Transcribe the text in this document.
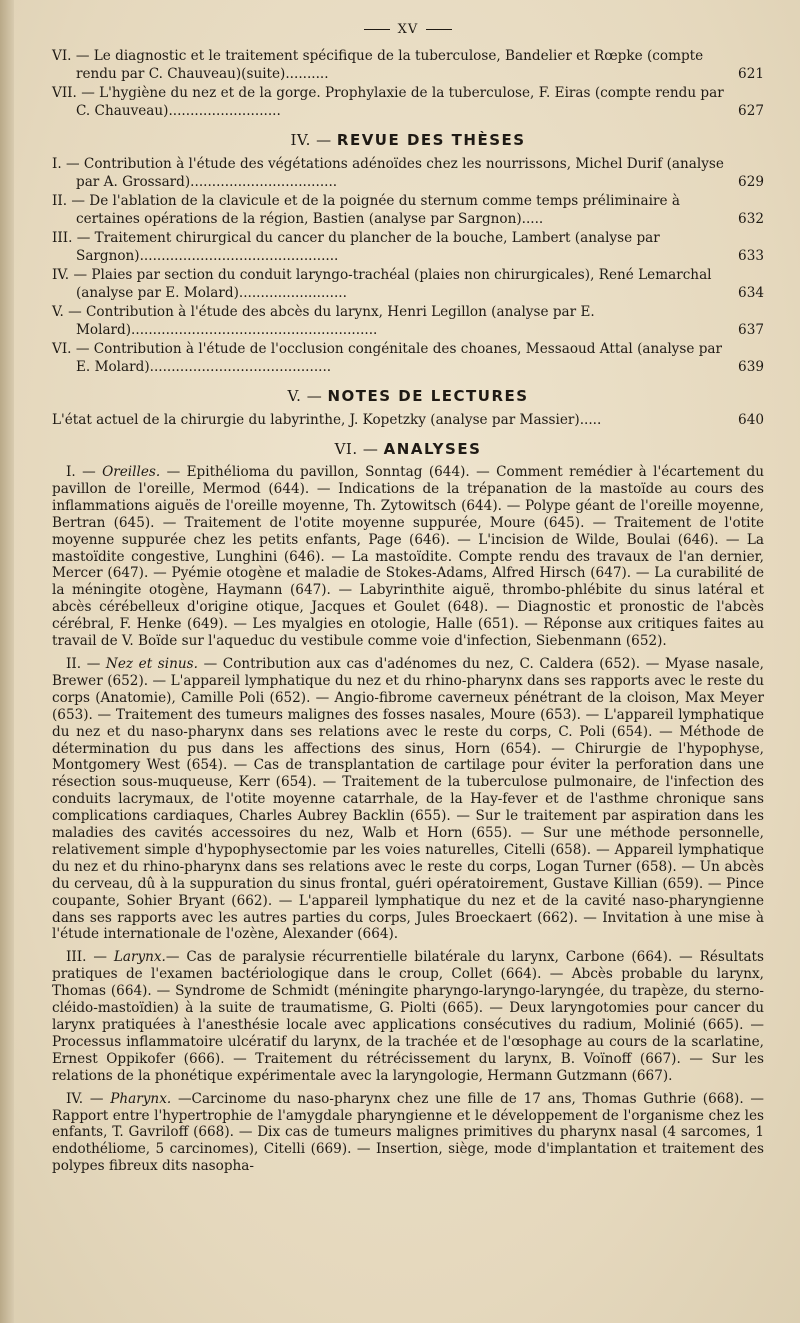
XV
VI. — Le diagnostic et le traitement spécifique de la tuberculose, Bandelier et Rœpke (compte rendu par C. Chauveau)(suite)..........	621
VII. — L'hygiène du nez et de la gorge. Prophylaxie de la tuberculose, F. Eiras (compte rendu par C. Chauveau)..........................	627
IV. — REVUE DES THÈSES
I. — Contribution à l'étude des végétations adénoïdes chez les nourrissons, Michel Durif (analyse par A. Grossard)..................................	629
II. — De l'ablation de la clavicule et de la poignée du sternum comme temps préliminaire à certaines opérations de la région, Bastien (analyse par Sargnon).....	632
III. — Traitement chirurgical du cancer du plancher de la bouche, Lambert (analyse par Sargnon)..............................................	633
IV. — Plaies par section du conduit laryngo-trachéal (plaies non chirurgicales), René Lemarchal (analyse par E. Molard).........................	634
V. — Contribution à l'étude des abcès du larynx, Henri Legillon (analyse par E. Molard).........................................................	637
VI. — Contribution à l'étude de l'occlusion congénitale des choanes, Messaoud Attal (analyse par E. Molard)..........................................	639
V. — NOTES DE LECTURES
L'état actuel de la chirurgie du labyrinthe, J. Kopetzky (analyse par Massier).....	640
VI. — ANALYSES

I. — Oreilles. — Epithélioma du pavillon, Sonntag (644). — Comment remédier à l'écartement du pavillon de l'oreille, Mermod (644). — Indications de la trépanation de la mastoïde au cours des inflammations aiguës de l'oreille moyenne, Th. Zytowitsch (644). — Polype géant de l'oreille moyenne, Bertran (645). — Traitement de l'otite moyenne suppurée, Moure (645). — Traitement de l'otite moyenne suppurée chez les petits enfants, Page (646). — L'incision de Wilde, Boulai (646). — La mastoïdite congestive, Lunghini (646). — La mastoïdite. Compte rendu des travaux de l'an dernier, Mercer (647). — Pyémie otogène et maladie de Stokes-Adams, Alfred Hirsch (647). — La curabilité de la méningite otogène, Haymann (647). — Labyrinthite aiguë, thrombo-phlébite du sinus latéral et abcès cérébelleux d'origine otique, Jacques et Goulet (648). — Diagnostic et pronostic de l'abcès cérébral, F. Henke (649). — Les myalgies en otologie, Halle (651). — Réponse aux critiques faites au travail de V. Boïde sur l'aqueduc du vestibule comme voie d'infection, Siebenmann (652).

II. — Nez et sinus. — Contribution aux cas d'adénomes du nez, C. Caldera (652). — Myase nasale, Brewer (652). — L'appareil lymphatique du nez et du rhino-pharynx dans ses rapports avec le reste du corps (Anatomie), Camille Poli (652). — Angio-fibrome caverneux pénétrant de la cloison, Max Meyer (653). — Traitement des tumeurs malignes des fosses nasales, Moure (653). — L'appareil lymphatique du nez et du naso-pharynx dans ses relations avec le reste du corps, C. Poli (654). — Méthode de détermination du pus dans les affections des sinus, Horn (654). — Chirurgie de l'hypophyse, Montgomery West (654). — Cas de transplantation de cartilage pour éviter la perforation dans une résection sous-muqueuse, Kerr (654). — Traitement de la tuberculose pulmonaire, de l'infection des conduits lacrymaux, de l'otite moyenne catarrhale, de la Hay-fever et de l'asthme chronique sans complications cardiaques, Charles Aubrey Backlin (655). — Sur le traitement par aspiration dans les maladies des cavités accessoires du nez, Walb et Horn (655). — Sur une méthode personnelle, relativement simple d'hypophysectomie par les voies naturelles, Citelli (658). — Appareil lymphatique du nez et du rhino-pharynx dans ses relations avec le reste du corps, Logan Turner (658). — Un abcès du cerveau, dû à la suppuration du sinus frontal, guéri opératoirement, Gustave Killian (659). — Pince coupante, Sohier Bryant (662). — L'appareil lymphatique du nez et de la cavité naso-pharyngienne dans ses rapports avec les autres parties du corps, Jules Broeckaert (662). — Invitation à une mise à l'étude internationale de l'ozène, Alexander (664).

III. — Larynx.— Cas de paralysie récurrentielle bilatérale du larynx, Carbone (664). — Résultats pratiques de l'examen bactériologique dans le croup, Collet (664). — Abcès probable du larynx, Thomas (664). — Syndrome de Schmidt (méningite pharyngo-laryngo-laryngée, du trapèze, du sterno-cléido-mastoïdien) à la suite de traumatisme, G. Piolti (665). — Deux laryngotomies pour cancer du larynx pratiquées à l'anesthésie locale avec applications consécutives du radium, Molinié (665). — Processus inflammatoire ulcératif du larynx, de la trachée et de l'œsophage au cours de la scarlatine, Ernest Oppikofer (666). — Traitement du rétrécissement du larynx, B. Voïnoff (667). — Sur les relations de la phonétique expérimentale avec la laryngologie, Hermann Gutzmann (667).

IV. — Pharynx. —Carcinome du naso-pharynx chez une fille de 17 ans, Thomas Guthrie (668). — Rapport entre l'hypertrophie de l'amygdale pharyngienne et le développement de l'organisme chez les enfants, T. Gavriloff (668). — Dix cas de tumeurs malignes primitives du pharynx nasal (4 sarcomes, 1 endothéliome, 5 carcinomes), Citelli (669). — Insertion, siège, mode d'implantation et traitement des polypes fibreux dits nasopha-
